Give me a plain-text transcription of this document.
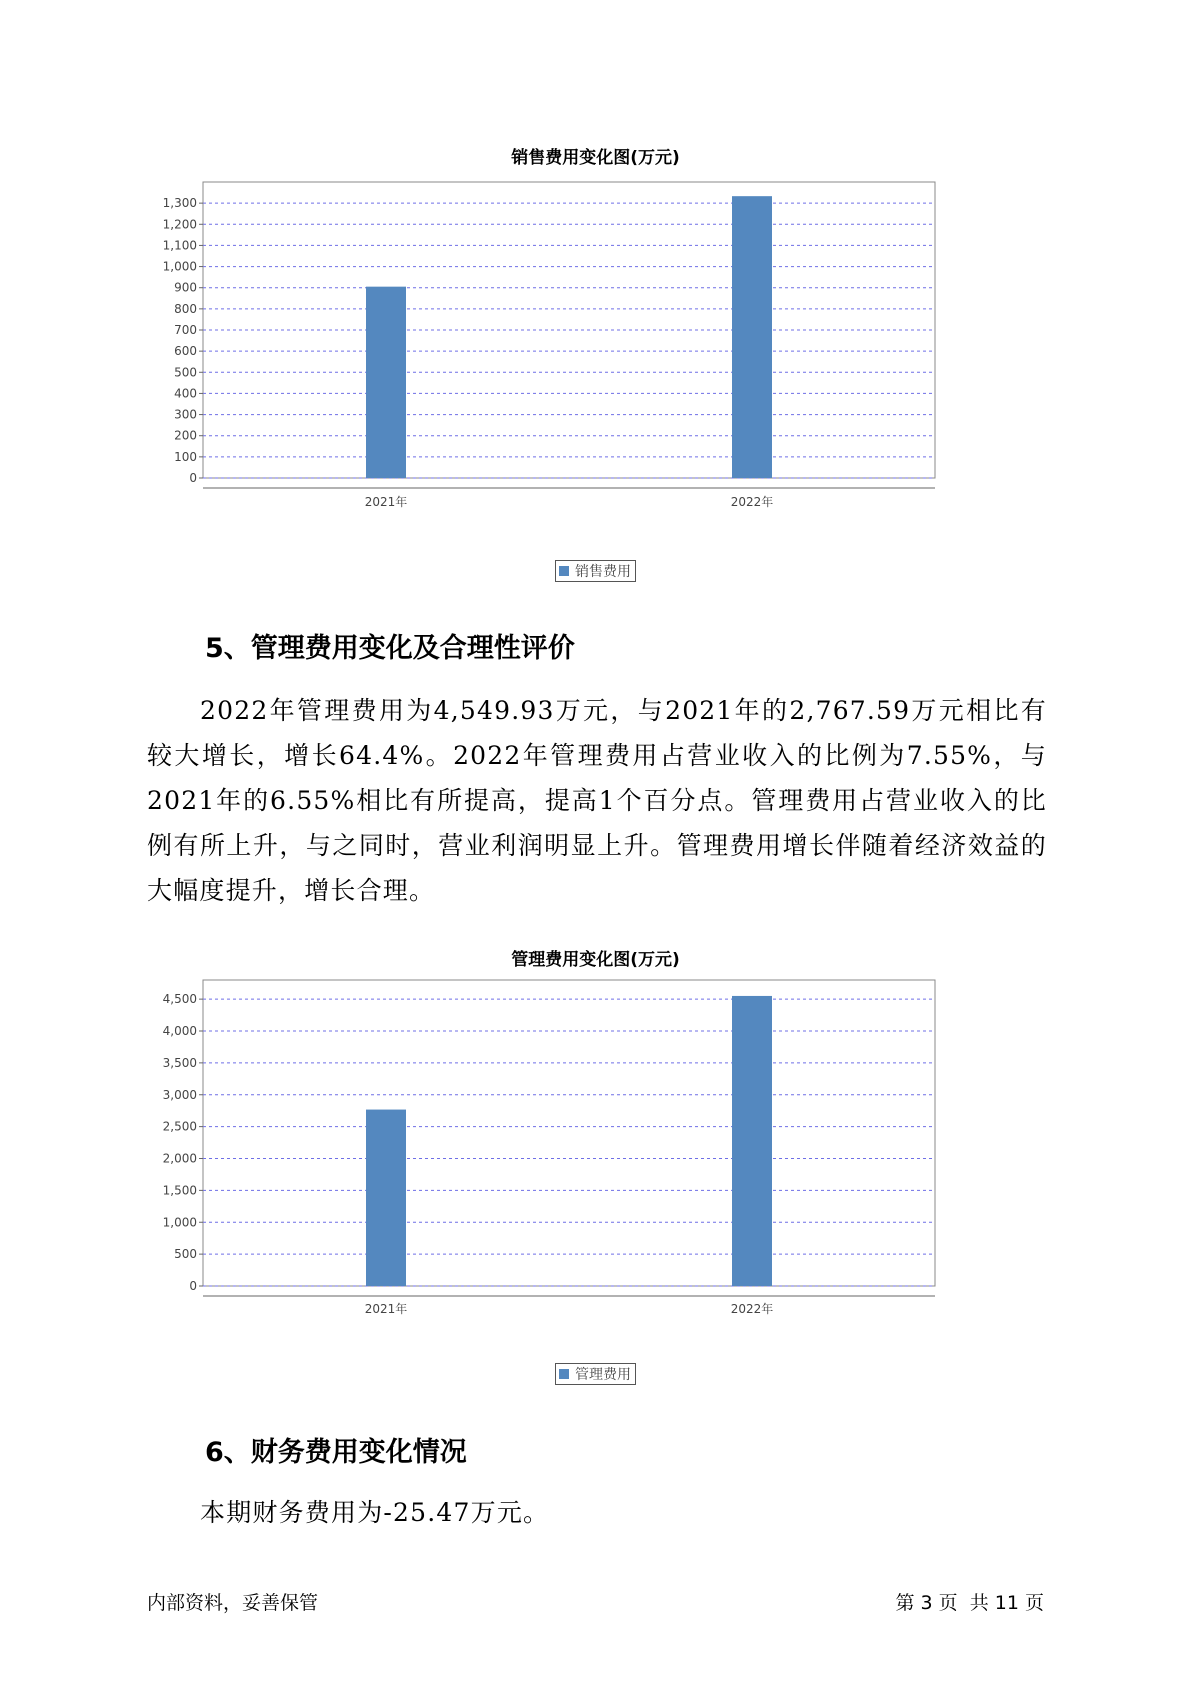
销售费用变化图(万元)
0
100
200
300
400
500
600
700
800
900
1,000
1,100
1,200
1,300
2021年	2022年
销售费用
5、管理费用变化及合理性评价

2022年管理费用为4,549.93万元，与2021年的2,767.59万元相比有较大增长，增长64.4%。2022年管理费用占营业收入的比例为7.55%，与2021年的6.55%相比有所提高，提高1个百分点。管理费用占营业收入的比例有所上升，与之同时，营业利润明显上升。管理费用增长伴随着经济效益的大幅度提升，增长合理。

管理费用变化图(万元)
0
500
1,000
1,500
2,000
2,500
3,000
3,500
4,000
4,500
2021年	2022年
管理费用
6、财务费用变化情况

本期财务费用为-25.47万元。

内部资料，妥善保管	第 3 页  共 11 页
